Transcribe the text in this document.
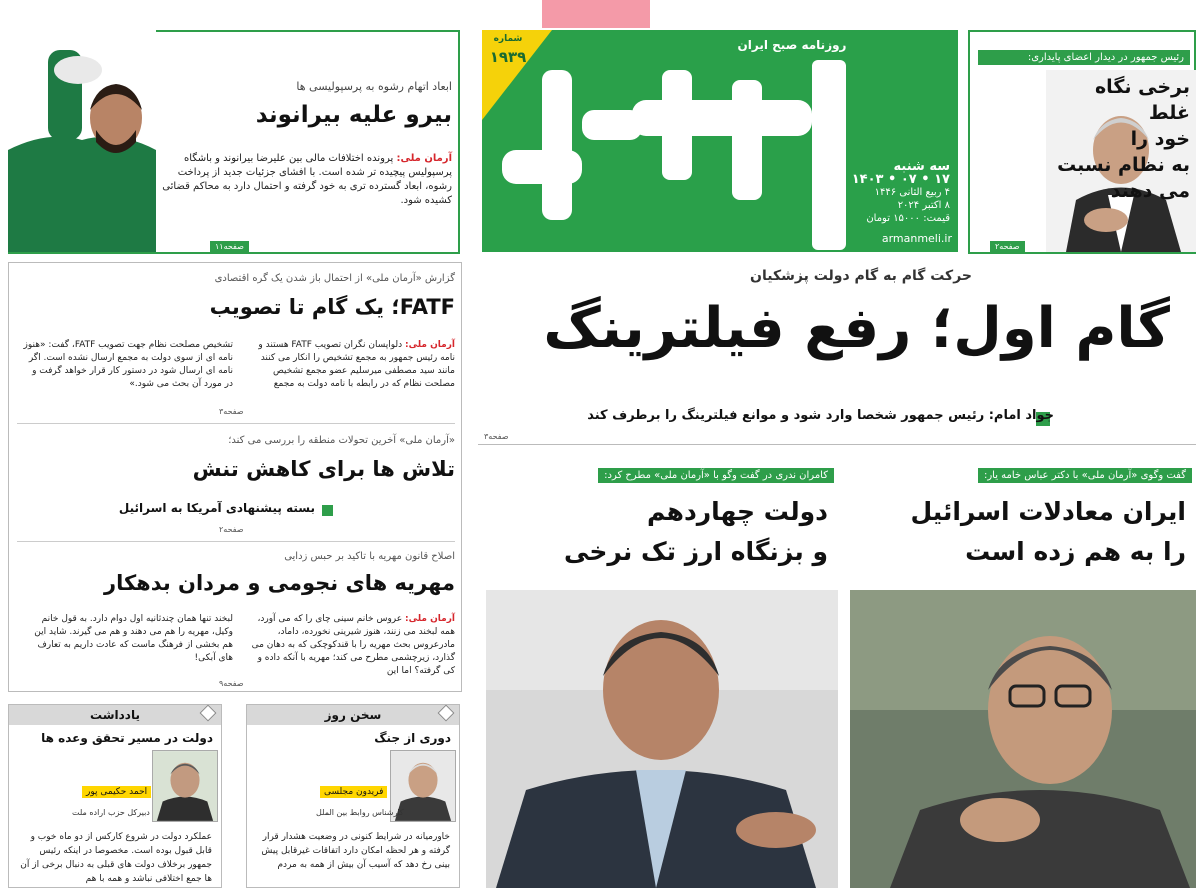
روزنامه صبح ایران
شماره
۱۹۳۹
سه شنبه
۱۷ • ۰۷ • ۱۴۰۳
۴ ربیع الثانی ۱۴۴۶
۸ اکتبر ۲۰۲۴
قیمت: ۱۵۰۰۰ تومان
armanmeli.ir
رئیس جمهور در دیدار اعضای پایداری:
برخی نگاه غلط
خود را
به نظام نسبت
می دهند
صفحه۲
ابعاد اتهام رشوه به پرسپولیسی ها
بیرو علیه بیرانوند
آرمان ملی: پرونده اختلافات مالی بین علیرضا بیرانوند و باشگاه پرسپولیس پیچیده تر شده است. با افشای جزئیات جدید از پرداخت رشوه، ابعاد گسترده تری به خود گرفته و احتمال دارد به محاکم قضائی کشیده شود.
صفحه۱۱
حرکت گام به گام دولت پزشکیان
گام اول؛ رفع فیلترینگ
جواد امام: رئیس جمهور شخصا وارد شود و موانع فیلترینگ را برطرف کند
صفحه۳
گفت وگوی «آرمان ملی» با دکتر عباس خامه یار:
ایران معادلات اسرائیل
را به هم زده است
کامران ندری در گفت وگو با «آرمان ملی» مطرح کرد:
دولت چهاردهم
و بزنگاه ارز تک نرخی
گزارش «آرمان ملی» از احتمال باز شدن یک گره اقتصادی
FATF؛ یک گام تا تصویب
آرمان ملی: دلواپسان نگران تصویب FATF هستند و نامه رئیس جمهور به مجمع تشخیص را انکار می کنند مانند سید مصطفی میرسلیم عضو مجمع تشخیص مصلحت نظام که در رابطه با نامه دولت به مجمع
تشخیص مصلحت نظام جهت تصویب FATF، گفت: «هنوز نامه ای از سوی دولت به مجمع ارسال نشده است. اگر نامه ای ارسال شود در دستور کار قرار خواهد گرفت و در مورد آن بحث می شود.»
صفحه۳
«آرمان ملی» آخرین تحولات منطقه را بررسی می کند؛
تلاش ها برای کاهش تنش
بسته پیشنهادی آمریکا به اسرائیل
صفحه۲
اصلاح قانون مهریه با تاکید بر حبس زدایی
مهریه های نجومی و مردان بدهکار
آرمان ملی: عروس خانم سینی چای را که می آورد، همه لبخند می زنند، هنوز شیرینی نخورده، داماد، مادرعروس بحث مهریه را با قندکوچکی که به دهان می گذارد، زیرچشمی مطرح می کند؛ مهریه با آنکه داده و کی گرفته؟ اما این
لبخند تنها همان چندثانیه اول دوام دارد. به قول خانم وکیل، مهریه را هم می دهند و هم می گیرند. شاید این هم بخشی از فرهنگ ماست که عادت داریم به تعارف های آبکی!
صفحه۹
سخن روز
دوری از جنگ
فریدون مجلسی
کارشناس روابط بین الملل
خاورمیانه در شرایط کنونی در وضعیت هشدار قرار گرفته و هر لحظه امکان دارد اتفاقات غیرقابل پیش بینی رخ دهد که آسیب آن بیش از همه به مردم
یادداشت
دولت در مسیر تحقق وعده ها
احمد حکیمی پور
دبیرکل حزب اراده ملت
عملکرد دولت در شروع کارکس از دو ماه خوب و قابل قبول بوده است. مخصوصا در اینکه رئیس جمهور برخلاف دولت های قبلی به دنبال برخی از آن ها جمع اختلافی نباشد و همه با هم
